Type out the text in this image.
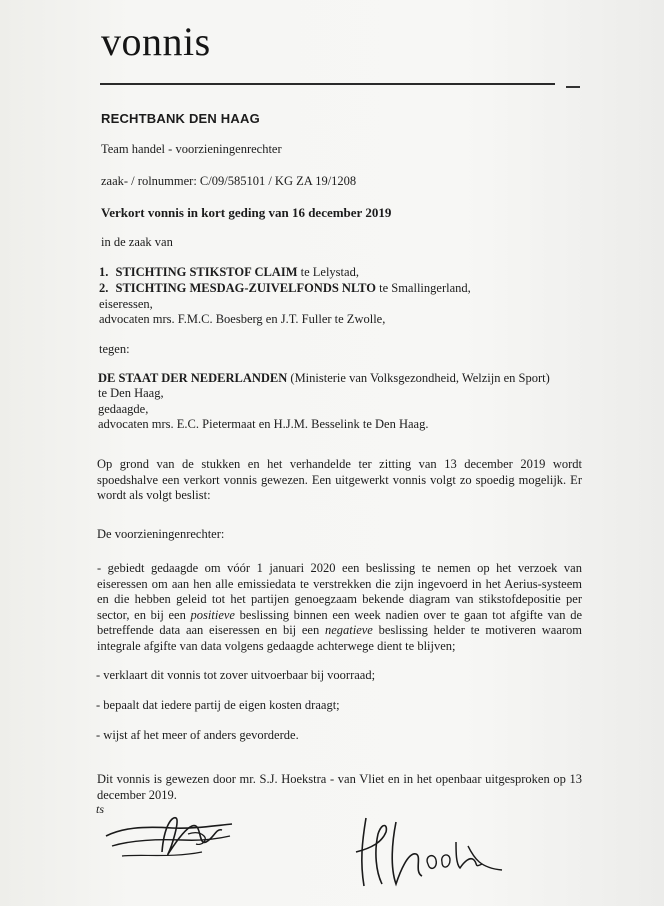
vonnis
RECHTBANK DEN HAAG
Team handel - voorzieningenrechter
zaak- / rolnummer: C/09/585101 / KG ZA 19/1208
Verkort vonnis in kort geding van 16 december 2019
in de zaak van
1. STICHTING STIKSTOF CLAIM te Lelystad,
2. STICHTING MESDAG-ZUIVELFONDS NLTO te Smallingerland,
eiseressen,
advocaten mrs. F.M.C. Boesberg en J.T. Fuller te Zwolle,
tegen:
DE STAAT DER NEDERLANDEN (Ministerie van Volksgezondheid, Welzijn en Sport)
te Den Haag,
gedaagde,
advocaten mrs. E.C. Pietermaat en H.J.M. Besselink te Den Haag.
Op grond van de stukken en het verhandelde ter zitting van 13 december 2019 wordt spoedshalve een verkort vonnis gewezen. Een uitgewerkt vonnis volgt zo spoedig mogelijk. Er wordt als volgt beslist:
De voorzieningenrechter:
- gebiedt gedaagde om vóór 1 januari 2020 een beslissing te nemen op het verzoek van eiseressen om aan hen alle emissiedata te verstrekken die zijn ingevoerd in het Aerius-systeem en die hebben geleid tot het partijen genoegzaam bekende diagram van stikstofdepositie per sector, en bij een positieve beslissing binnen een week nadien over te gaan tot afgifte van de betreffende data aan eiseressen en bij een negatieve beslissing helder te motiveren waarom integrale afgifte van data volgens gedaagde achterwege dient te blijven;
- verklaart dit vonnis tot zover uitvoerbaar bij voorraad;
- bepaalt dat iedere partij de eigen kosten draagt;
- wijst af het meer of anders gevorderde.
Dit vonnis is gewezen door mr. S.J. Hoekstra - van Vliet en in het openbaar uitgesproken op 13 december 2019.
ts
